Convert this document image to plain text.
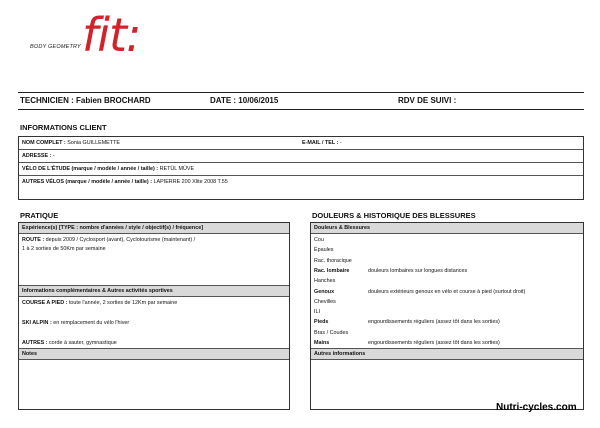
BODY GEOMETRY fit:
TECHNICIEN : Fabien BROCHARD	DATE : 10/06/2015	RDV DE SUIVI :
INFORMATIONS CLIENT
NOM COMPLET : Sonia GUILLEMETTE	E-MAIL / TEL : -
ADRESSE : -
VÉLO DE L'ÉTUDE (marque / modèle / année / taille) : RETÜL MÜVE
AUTRES VÉLOS (marque / modèle / année / taille) : LAPIERRE 200 Xlite 2008 T.55
PRATIQUE
Expérience(s) [TYPE : nombre d'années / style / objectif(s) / fréquence]
ROUTE : depuis 2009 / Cyclosport (avant), Cyclotourisme (maintenant) /
1 à 2 sorties de 50Km par semaine
Informations complémentaires & Autres activités sportives
COURSE A PIED : toute l'année, 2 sorties de 12Km par semaine
SKI ALPIN : en remplacement du vélo l'hiver
AUTRES : corde à sauter, gymnastique
Notes
DOULEURS & HISTORIQUE DES BLESSURES
Douleurs & Blessures
Cou
Épaules
Rac. thoracique
Rac. lombaire	douleurs lombaires sur longues distances
Hanches
Genoux	douleurs extérieurs genoux en vélo et course à pied (surtout droit)
Chevilles
ILI
Pieds	engourdissements réguliers (assez tôt dans les sorties)
Bras / Coudes
Mains	engourdissements réguliers (assez tôt dans les sorties)
Autres informations
Nutri-cycles.com
